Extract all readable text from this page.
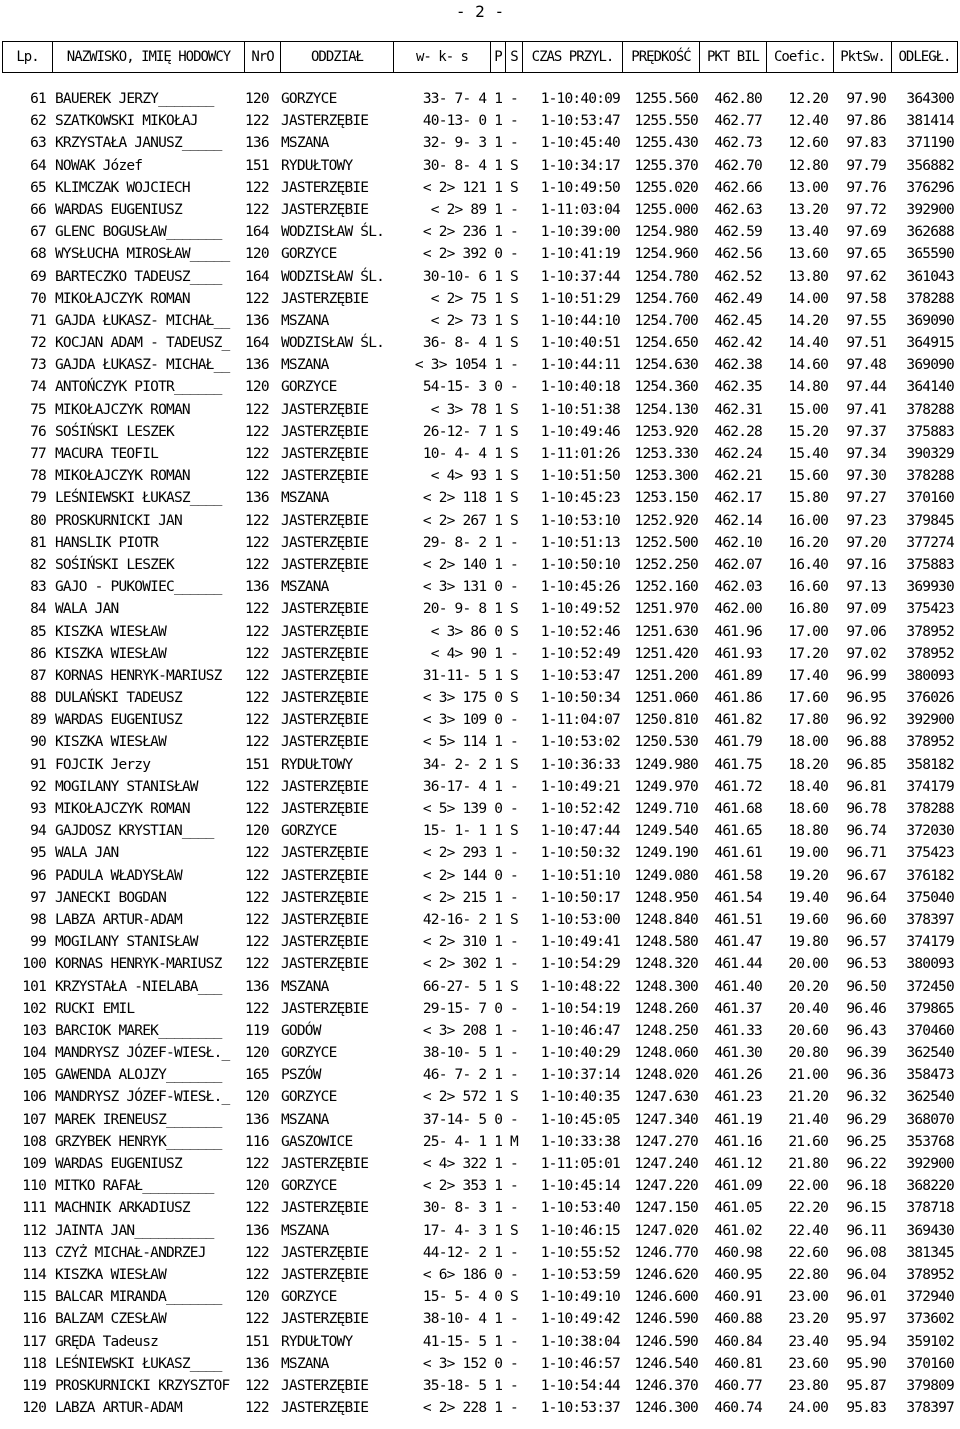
- 2 -
Lp.	NAZWISKO, IMIĘ HODOWCY	NrO	ODDZIAŁ	w- k- s	P S CZAS PRZYL.	PRĘDKOŚĆ	PKT BIL	Coefic.	PktSw. ODLEGŁ.
61 BAUEREK JERZY_______	120 GORZYCE	33- 7- 4 1 -	1-10:40:09	1255.560	462.80	12.20	97.90	364300
62 SZATKOWSKI MIKOŁAJ	122 JASTERZĘBIE	40-13- 0 1 -	1-10:53:47	1255.550	462.77	12.40	97.86	381414
63 KRZYSTAŁA JANUSZ_____	136 MSZANA	32- 9- 3 1 -	1-10:45:40	1255.430	462.73	12.60	97.83	371190
64 NOWAK Józef	151 RYDUŁTOWY	30- 8- 4 1 S	1-10:34:17	1255.370	462.70	12.80	97.79	356882
65 KLIMCZAK WOJCIECH	122 JASTERZĘBIE	< 2> 121 1 S	1-10:49:50	1255.020	462.66	13.00	97.76	376296
66 WARDAS EUGENIUSZ	122 JASTERZĘBIE	< 2> 89 1 -	1-11:03:04	1255.000	462.63	13.20	97.72	392900
67 GLENC BOGUSŁAW_______	164 WODZISŁAW ŚL.	< 2> 236 1 -	1-10:39:00	1254.980	462.59	13.40	97.69	362688
68 WYSŁUCHA MIROSŁAW_____	120 GORZYCE	< 2> 392 0 -	1-10:41:19	1254.960	462.56	13.60	97.65	365590
69 BARTECZKO TADEUSZ____	164 WODZISŁAW ŚL.	30-10- 6 1 S	1-10:37:44	1254.780	462.52	13.80	97.62	361043
70 MIKOŁAJCZYK ROMAN	122 JASTERZĘBIE	< 2> 75 1 S	1-10:51:29	1254.760	462.49	14.00	97.58	378288
71 GAJDA ŁUKASZ- MICHAŁ__	136 MSZANA	< 2> 73 1 S	1-10:44:10	1254.700	462.45	14.20	97.55	369090
72 KOCJAN ADAM - TADEUSZ_	164 WODZISŁAW ŚL.	36- 8- 4 1 S	1-10:40:51	1254.650	462.42	14.40	97.51	364915
73 GAJDA ŁUKASZ- MICHAŁ__	136 MSZANA	< 3> 1054 1 -	1-10:44:11	1254.630	462.38	14.60	97.48	369090
74 ANTOŃCZYK PIOTR______	120 GORZYCE	54-15- 3 0 -	1-10:40:18	1254.360	462.35	14.80	97.44	364140
75 MIKOŁAJCZYK ROMAN	122 JASTERZĘBIE	< 3> 78 1 S	1-10:51:38	1254.130	462.31	15.00	97.41	378288
76 SOŚIŃSKI LESZEK	122 JASTERZĘBIE	26-12- 7 1 S	1-10:49:46	1253.920	462.28	15.20	97.37	375883
77 MACURA TEOFIL	122 JASTERZĘBIE	10- 4- 4 1 S	1-11:01:26	1253.330	462.24	15.40	97.34	390329
78 MIKOŁAJCZYK ROMAN	122 JASTERZĘBIE	< 4> 93 1 S	1-10:51:50	1253.300	462.21	15.60	97.30	378288
79 LEŚNIEWSKI ŁUKASZ____	136 MSZANA	< 2> 118 1 S	1-10:45:23	1253.150	462.17	15.80	97.27	370160
80 PROSKURNICKI JAN	122 JASTERZĘBIE	< 2> 267 1 S	1-10:53:10	1252.920	462.14	16.00	97.23	379845
81 HANSLIK PIOTR	122 JASTERZĘBIE	29- 8- 2 1 -	1-10:51:13	1252.500	462.10	16.20	97.20	377274
82 SOŚIŃSKI LESZEK	122 JASTERZĘBIE	< 2> 140 1 -	1-10:50:10	1252.250	462.07	16.40	97.16	375883
83 GAJO - PUKOWIEC______	136 MSZANA	< 3> 131 0 -	1-10:45:26	1252.160	462.03	16.60	97.13	369930
84 WALA JAN	122 JASTERZĘBIE	20- 9- 8 1 S	1-10:49:52	1251.970	462.00	16.80	97.09	375423
85 KISZKA WIESŁAW	122 JASTERZĘBIE	< 3> 86 0 S	1-10:52:46	1251.630	461.96	17.00	97.06	378952
86 KISZKA WIESŁAW	122 JASTERZĘBIE	< 4> 90 1 -	1-10:52:49	1251.420	461.93	17.20	97.02	378952
87 KORNAS HENRYK-MARIUSZ	122 JASTERZĘBIE	31-11- 5 1 S	1-10:53:47	1251.200	461.89	17.40	96.99	380093
88 DULAŃSKI TADEUSZ	122 JASTERZĘBIE	< 3> 175 0 S	1-10:50:34	1251.060	461.86	17.60	96.95	376026
89 WARDAS EUGENIUSZ	122 JASTERZĘBIE	< 3> 109 0 -	1-11:04:07	1250.810	461.82	17.80	96.92	392900
90 KISZKA WIESŁAW	122 JASTERZĘBIE	< 5> 114 1 -	1-10:53:02	1250.530	461.79	18.00	96.88	378952
91 FOJCIK Jerzy	151 RYDUŁTOWY	34- 2- 2 1 S	1-10:36:33	1249.980	461.75	18.20	96.85	358182
92 MOGILANY STANISŁAW	122 JASTERZĘBIE	36-17- 4 1 -	1-10:49:21	1249.970	461.72	18.40	96.81	374179
93 MIKOŁAJCZYK ROMAN	122 JASTERZĘBIE	< 5> 139 0 -	1-10:52:42	1249.710	461.68	18.60	96.78	378288
94 GAJDOSZ KRYSTIAN____	120 GORZYCE	15- 1- 1 1 S	1-10:47:44	1249.540	461.65	18.80	96.74	372030
95 WALA JAN	122 JASTERZĘBIE	< 2> 293 1 -	1-10:50:32	1249.190	461.61	19.00	96.71	375423
96 PADULA WŁADYSŁAW	122 JASTERZĘBIE	< 2> 144 0 -	1-10:51:10	1249.080	461.58	19.20	96.67	376182
97 JANECKI BOGDAN	122 JASTERZĘBIE	< 2> 215 1 -	1-10:50:17	1248.950	461.54	19.40	96.64	375040
98 LABZA ARTUR-ADAM	122 JASTERZĘBIE	42-16- 2 1 S	1-10:53:00	1248.840	461.51	19.60	96.60	378397
99 MOGILANY STANISŁAW	122 JASTERZĘBIE	< 2> 310 1 -	1-10:49:41	1248.580	461.47	19.80	96.57	374179
100 KORNAS HENRYK-MARIUSZ	122 JASTERZĘBIE	< 2> 302 1 -	1-10:54:29	1248.320	461.44	20.00	96.53	380093
101 KRZYSTAŁA -NIELABA___	136 MSZANA	66-27- 5 1 S	1-10:48:22	1248.300	461.40	20.20	96.50	372450
102 RUCKI EMIL	122 JASTERZĘBIE	29-15- 7 0 -	1-10:54:19	1248.260	461.37	20.40	96.46	379865
103 BARCIOK MAREK________	119 GODÓW	< 3> 208 1 -	1-10:46:47	1248.250	461.33	20.60	96.43	370460
104 MANDRYSZ JÓZEF-WIESŁ._	120 GORZYCE	38-10- 5 1 -	1-10:40:29	1248.060	461.30	20.80	96.39	362540
105 GAWENDA ALOJZY_______	165 PSZÓW	46- 7- 2 1 -	1-10:37:14	1248.020	461.26	21.00	96.36	358473
106 MANDRYSZ JÓZEF-WIESŁ._	120 GORZYCE	< 2> 572 1 S	1-10:40:35	1247.630	461.23	21.20	96.32	362540
107 MAREK IRENEUSZ_______	136 MSZANA	37-14- 5 0 -	1-10:45:05	1247.340	461.19	21.40	96.29	368070
108 GRZYBEK HENRYK_______	116 GASZOWICE	25- 4- 1 1 M	1-10:33:38	1247.270	461.16	21.60	96.25	353768
109 WARDAS EUGENIUSZ	122 JASTERZĘBIE	< 4> 322 1 -	1-11:05:01	1247.240	461.12	21.80	96.22	392900
110 MITKO RAFAŁ_________	120 GORZYCE	< 2> 353 1 -	1-10:45:14	1247.220	461.09	22.00	96.18	368220
111 MACHNIK ARKADIUSZ	122 JASTERZĘBIE	30- 8- 3 1 -	1-10:53:40	1247.150	461.05	22.20	96.15	378718
112 JAINTA JAN__________	136 MSZANA	17- 4- 3 1 S	1-10:46:15	1247.020	461.02	22.40	96.11	369430
113 CZYŻ MICHAŁ-ANDRZEJ	122 JASTERZĘBIE	44-12- 2 1 -	1-10:55:52	1246.770	460.98	22.60	96.08	381345
114 KISZKA WIESŁAW	122 JASTERZĘBIE	< 6> 186 0 -	1-10:53:59	1246.620	460.95	22.80	96.04	378952
115 BALCAR MIRANDA_______	120 GORZYCE	15- 5- 4 0 S	1-10:49:10	1246.600	460.91	23.00	96.01	372940
116 BALZAM CZESŁAW	122 JASTERZĘBIE	38-10- 4 1 -	1-10:49:42	1246.590	460.88	23.20	95.97	373602
117 GRĘDA Tadeusz	151 RYDUŁTOWY	41-15- 5 1 -	1-10:38:04	1246.590	460.84	23.40	95.94	359102
118 LEŚNIEWSKI ŁUKASZ____	136 MSZANA	< 3> 152 0 -	1-10:46:57	1246.540	460.81	23.60	95.90	370160
119 PROSKURNICKI KRZYSZTOF	122 JASTERZĘBIE	35-18- 5 1 -	1-10:54:44	1246.370	460.77	23.80	95.87	379809
120 LABZA ARTUR-ADAM	122 JASTERZĘBIE	< 2> 228 1 -	1-10:53:37	1246.300	460.74	24.00	95.83	378397
